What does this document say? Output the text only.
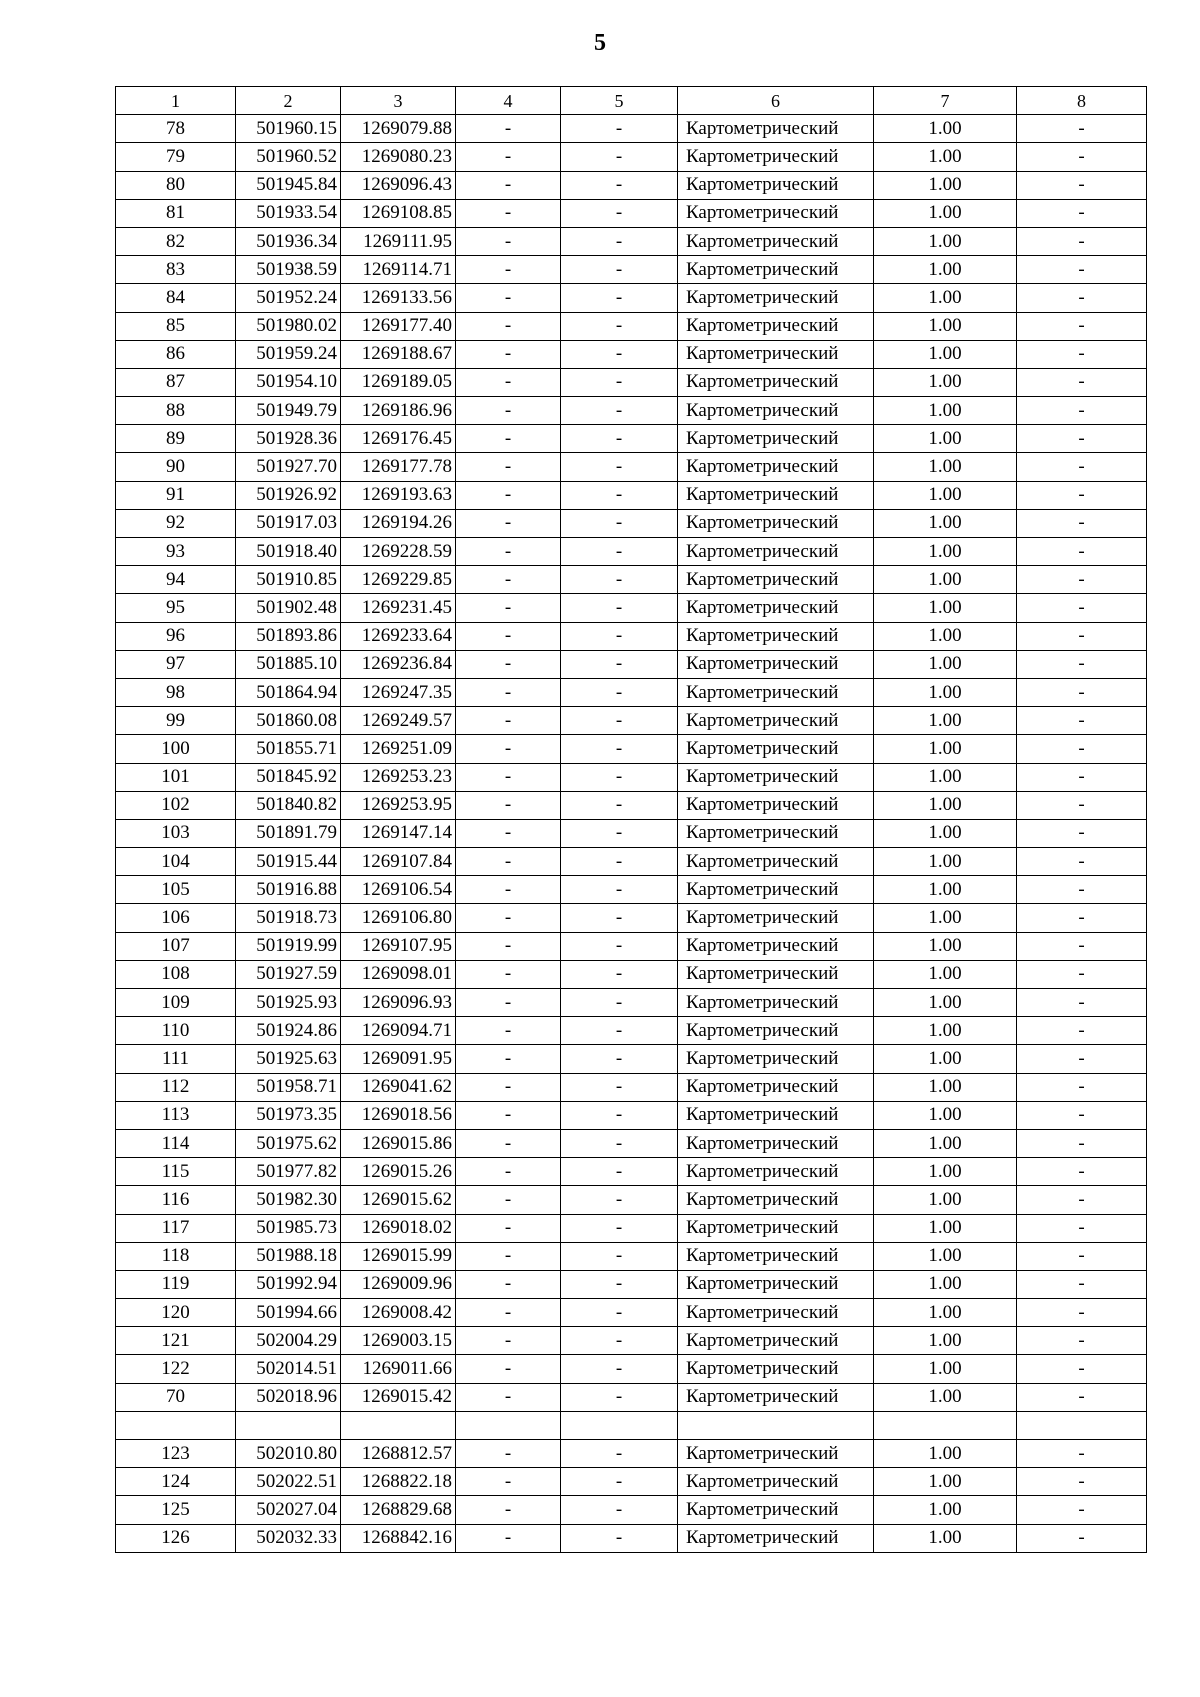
5
1	2	3	4	5	6	7	8
78	501960.15	1269079.88	-	-	Картометрический	1.00	-
79	501960.52	1269080.23	-	-	Картометрический	1.00	-
80	501945.84	1269096.43	-	-	Картометрический	1.00	-
81	501933.54	1269108.85	-	-	Картометрический	1.00	-
82	501936.34	1269111.95	-	-	Картометрический	1.00	-
83	501938.59	1269114.71	-	-	Картометрический	1.00	-
84	501952.24	1269133.56	-	-	Картометрический	1.00	-
85	501980.02	1269177.40	-	-	Картометрический	1.00	-
86	501959.24	1269188.67	-	-	Картометрический	1.00	-
87	501954.10	1269189.05	-	-	Картометрический	1.00	-
88	501949.79	1269186.96	-	-	Картометрический	1.00	-
89	501928.36	1269176.45	-	-	Картометрический	1.00	-
90	501927.70	1269177.78	-	-	Картометрический	1.00	-
91	501926.92	1269193.63	-	-	Картометрический	1.00	-
92	501917.03	1269194.26	-	-	Картометрический	1.00	-
93	501918.40	1269228.59	-	-	Картометрический	1.00	-
94	501910.85	1269229.85	-	-	Картометрический	1.00	-
95	501902.48	1269231.45	-	-	Картометрический	1.00	-
96	501893.86	1269233.64	-	-	Картометрический	1.00	-
97	501885.10	1269236.84	-	-	Картометрический	1.00	-
98	501864.94	1269247.35	-	-	Картометрический	1.00	-
99	501860.08	1269249.57	-	-	Картометрический	1.00	-
100	501855.71	1269251.09	-	-	Картометрический	1.00	-
101	501845.92	1269253.23	-	-	Картометрический	1.00	-
102	501840.82	1269253.95	-	-	Картометрический	1.00	-
103	501891.79	1269147.14	-	-	Картометрический	1.00	-
104	501915.44	1269107.84	-	-	Картометрический	1.00	-
105	501916.88	1269106.54	-	-	Картометрический	1.00	-
106	501918.73	1269106.80	-	-	Картометрический	1.00	-
107	501919.99	1269107.95	-	-	Картометрический	1.00	-
108	501927.59	1269098.01	-	-	Картометрический	1.00	-
109	501925.93	1269096.93	-	-	Картометрический	1.00	-
110	501924.86	1269094.71	-	-	Картометрический	1.00	-
111	501925.63	1269091.95	-	-	Картометрический	1.00	-
112	501958.71	1269041.62	-	-	Картометрический	1.00	-
113	501973.35	1269018.56	-	-	Картометрический	1.00	-
114	501975.62	1269015.86	-	-	Картометрический	1.00	-
115	501977.82	1269015.26	-	-	Картометрический	1.00	-
116	501982.30	1269015.62	-	-	Картометрический	1.00	-
117	501985.73	1269018.02	-	-	Картометрический	1.00	-
118	501988.18	1269015.99	-	-	Картометрический	1.00	-
119	501992.94	1269009.96	-	-	Картометрический	1.00	-
120	501994.66	1269008.42	-	-	Картометрический	1.00	-
121	502004.29	1269003.15	-	-	Картометрический	1.00	-
122	502014.51	1269011.66	-	-	Картометрический	1.00	-
70	502018.96	1269015.42	-	-	Картометрический	1.00	-

123	502010.80	1268812.57	-	-	Картометрический	1.00	-
124	502022.51	1268822.18	-	-	Картометрический	1.00	-
125	502027.04	1268829.68	-	-	Картометрический	1.00	-
126	502032.33	1268842.16	-	-	Картометрический	1.00	-
